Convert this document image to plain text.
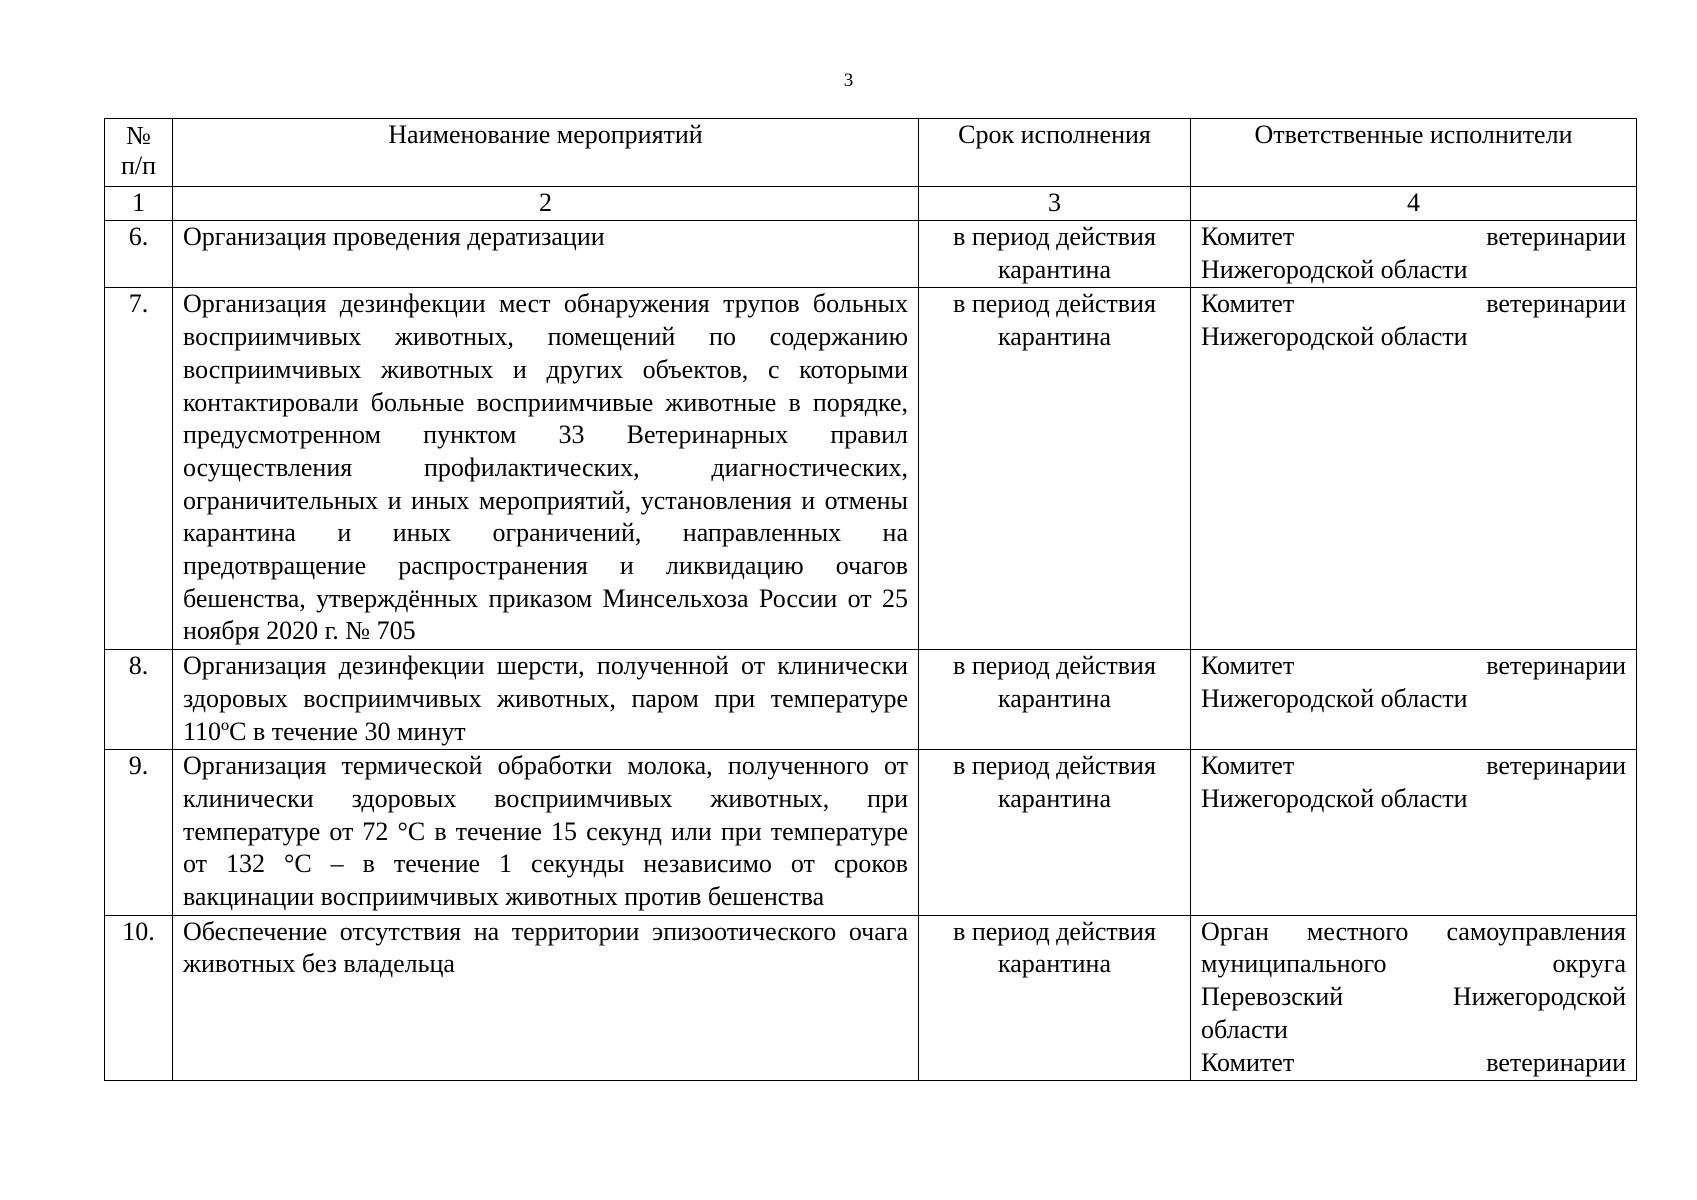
3
№ п/п	Наименование мероприятий	Срок исполнения	Ответственные исполнители
1	2	3	4
6.	Организация проведения дератизации	в период действия карантина	Комитет ветеринарии
Нижегородской области

7.	Организация дезинфекции мест обнаружения трупов больных восприимчивых животных, помещений по содержанию восприимчивых животных и других объектов, с которыми контактировали больные восприимчивые животные в порядке, предусмотренном пунктом 33 Ветеринарных правил осуществления профилактических, диагностических, ограничительных и иных мероприятий, установления и отмены карантина и иных ограничений, направленных на предотвращение распространения и ликвидацию очагов бешенства, утверждённых приказом Минсельхоза России от 25 ноября 2020 г. № 705	в период действия карантина	Комитет ветеринарии
Нижегородской области

8.	Организация дезинфекции шерсти, полученной от клинически здоровых восприимчивых животных, паром при температуре 110ºС в течение 30 минут	в период действия карантина	Комитет ветеринарии
Нижегородской области

9.	Организация термической обработки молока, полученного от клинически здоровых восприимчивых животных, при температуре от 72 °С в течение 15 секунд или при температуре от 132 °С – в течение 1 секунды независимо от сроков вакцинации восприимчивых животных против бешенства	в период действия карантина	Комитет ветеринарии
Нижегородской области

10.	Обеспечение отсутствия на территории эпизоотического очага животных без владельца	в период действия карантина	Орган местного самоуправления
муниципального округа
Перевозский Нижегородской
области
Комитет ветеринарии
